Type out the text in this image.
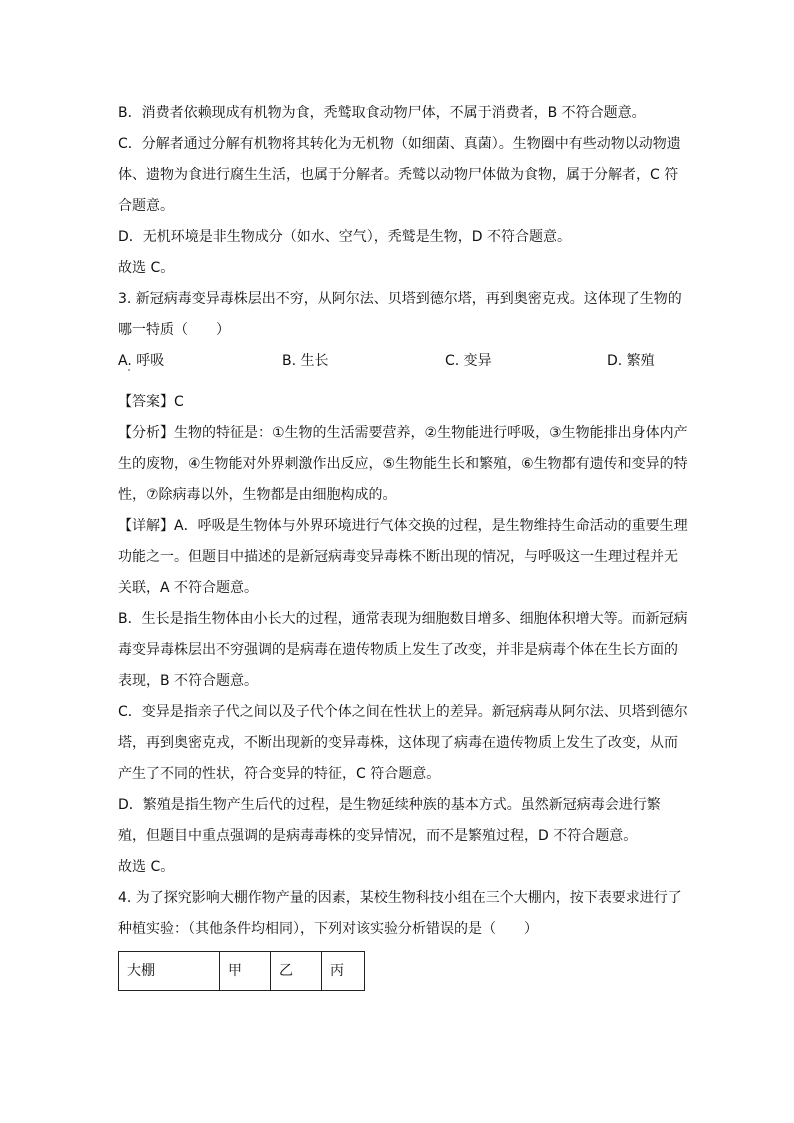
B．消费者依赖现成有机物为食，秃鹫取食动物尸体，不属于消费者，B 不符合题意。

C．分解者通过分解有机物将其转化为无机物（如细菌、真菌）。生物圈中有些动物以动物遗体、遗物为食进行腐生生活，也属于分解者。秃鹫以动物尸体做为食物，属于分解者，C 符合题意。

D．无机环境是非生物成分（如水、空气），秃鹫是生物，D 不符合题意。

故选 C。

3. 新冠病毒变异毒株层出不穷，从阿尔法、贝塔到德尔塔，再到奥密克戎。这体现了生物的哪一特质（　　）

A. 呼吸	B. 生长	C. 变异	D. 繁殖

【答案】C

【分析】生物的特征是：①生物的生活需要营养，②生物能进行呼吸，③生物能排出身体内产生的废物，④生物能对外界刺激作出反应，⑤生物能生长和繁殖，⑥生物都有遗传和变异的特性，⑦除病毒以外，生物都是由细胞构成的。

【详解】A．呼吸是生物体与外界环境进行气体交换的过程，是生物维持生命活动的重要生理功能之一。但题目中描述的是新冠病毒变异毒株不断出现的情况，与呼吸这一生理过程并无关联，A 不符合题意。

B．生长是指生物体由小长大的过程，通常表现为细胞数目增多、细胞体积增大等。而新冠病毒变异毒株层出不穷强调的是病毒在遗传物质上发生了改变，并非是病毒个体在生长方面的表现，B 不符合题意。

C．变异是指亲子代之间以及子代个体之间在性状上的差异。新冠病毒从阿尔法、贝塔到德尔塔，再到奥密克戎，不断出现新的变异毒株，这体现了病毒在遗传物质上发生了改变，从而产生了不同的性状，符合变异的特征，C 符合题意。

D．繁殖是指生物产生后代的过程，是生物延续种族的基本方式。虽然新冠病毒会进行繁殖，但题目中重点强调的是病毒毒株的变异情况，而不是繁殖过程，D 不符合题意。

故选 C。

4. 为了探究影响大棚作物产量的因素，某校生物科技小组在三个大棚内，按下表要求进行了种植实验：（其他条件均相同），下列对该实验分析错误的是（　　）

大棚	甲	乙	丙
